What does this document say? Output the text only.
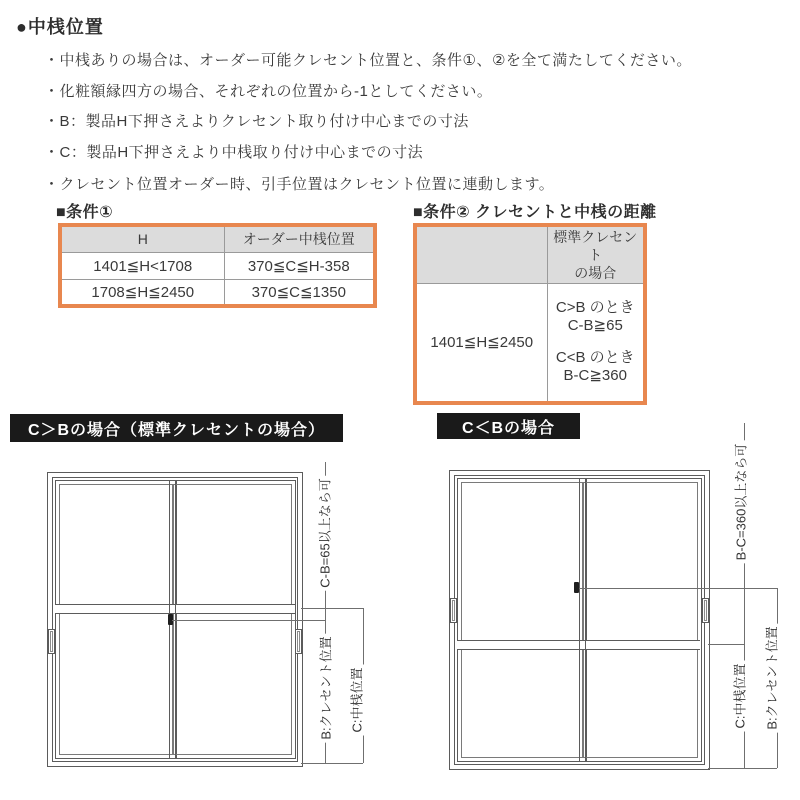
●中桟位置
・中桟ありの場合は、オーダー可能クレセント位置と、条件①、②を全て満たしてください。
・化粧額縁四方の場合、それぞれの位置から-1としてください。
・B：製品H下押さえよりクレセント取り付け中心までの寸法
・C：製品H下押さえより中桟取り付け中心までの寸法
・クレセント位置オーダー時、引手位置はクレセント位置に連動します。
■条件①
H	オーダー中桟位置
1401≦H<1708	370≦C≦H-358
1708≦H≦2450	370≦C≦1350
■条件② クレセントと中桟の距離

	標準クレセント
の場合

1401≦H≦2450	C>B のとき
C-B≧65
C<B のとき
B-C≧360
C＞Bの場合（標準クレセントの場合）	C＜Bの場合
C-B=65以上なら可
B:クレセント位置 C:中桟位置
B-C=360以上なら可
C:中桟位置 B:クレセント位置
